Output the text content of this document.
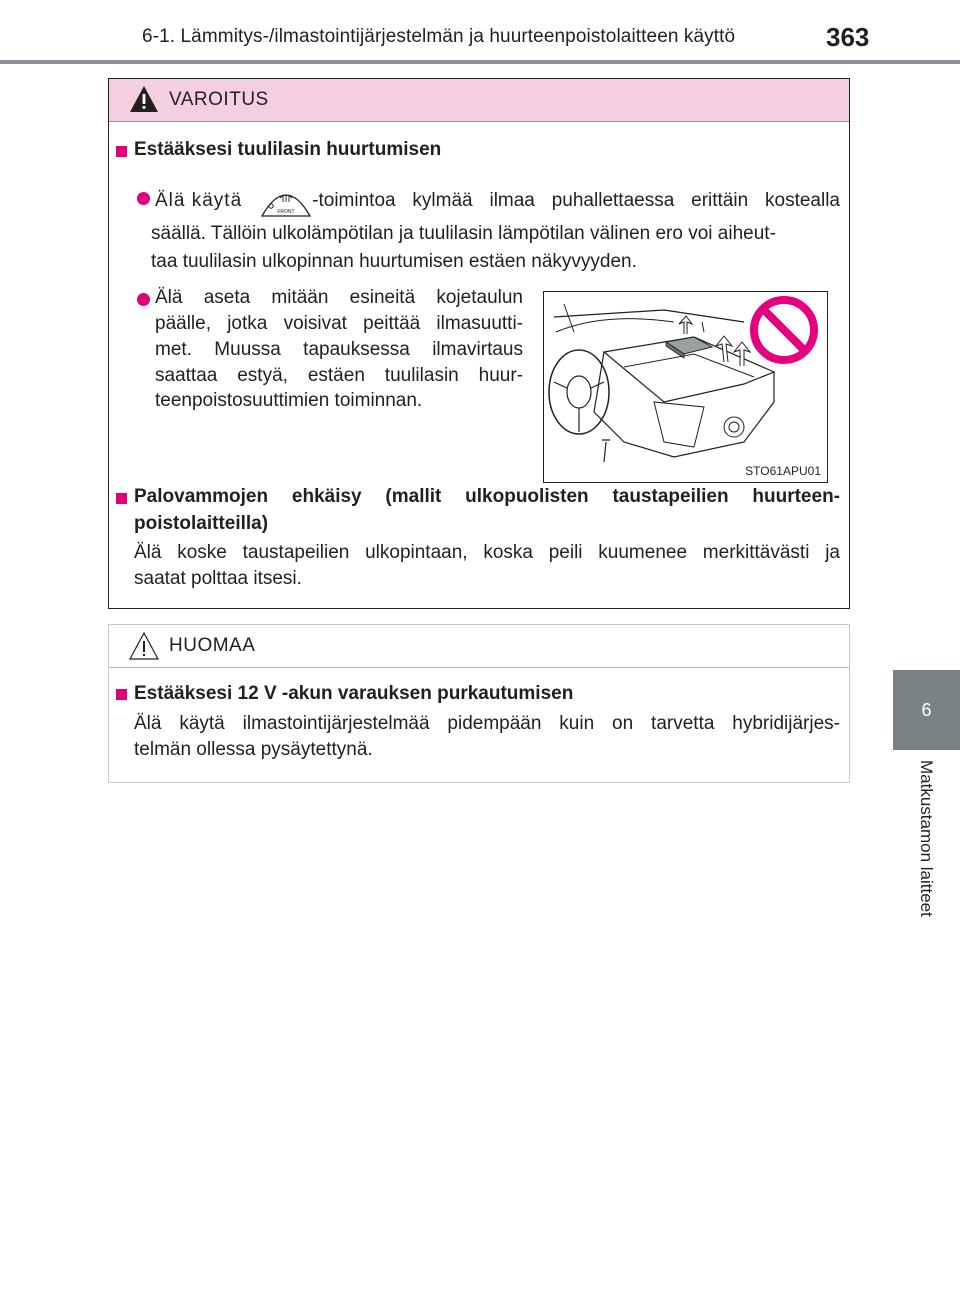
6-1. Lämmitys-/ilmastointijärjestelmän ja huurteenpoistolaitteen käyttö	363
6
Matkustamon laitteet
VAROITUS
Estääksesi tuulilasin huurtumisen
Älä käytä
FRONT
-toimintoa kylmää ilmaa puhallettaessa erittäin kostealla
säällä. Tällöin ulkolämpötilan ja tuulilasin lämpötilan välinen ero voi aiheut-
taa tuulilasin ulkopinnan huurtumisen estäen näkyvyyden.
Älä aseta mitään esineitä kojetaulun
päälle, jotka voisivat peittää ilmasuutti-
met. Muussa tapauksessa ilmavirtaus
saattaa estyä, estäen tuulilasin huur-
teenpoistosuuttimien toiminnan.
Palovammojen ehkäisy (mallit ulkopuolisten taustapeilien huurteen-
poistolaitteilla)
Älä koske taustapeilien ulkopintaan, koska peili kuumenee merkittävästi ja
saatat polttaa itsesi.
STO61APU01
HUOMAA
Estääksesi 12 V -akun varauksen purkautumisen
Älä käytä ilmastointijärjestelmää pidempään kuin on tarvetta hybridijärjes-
telmän ollessa pysäytettynä.
